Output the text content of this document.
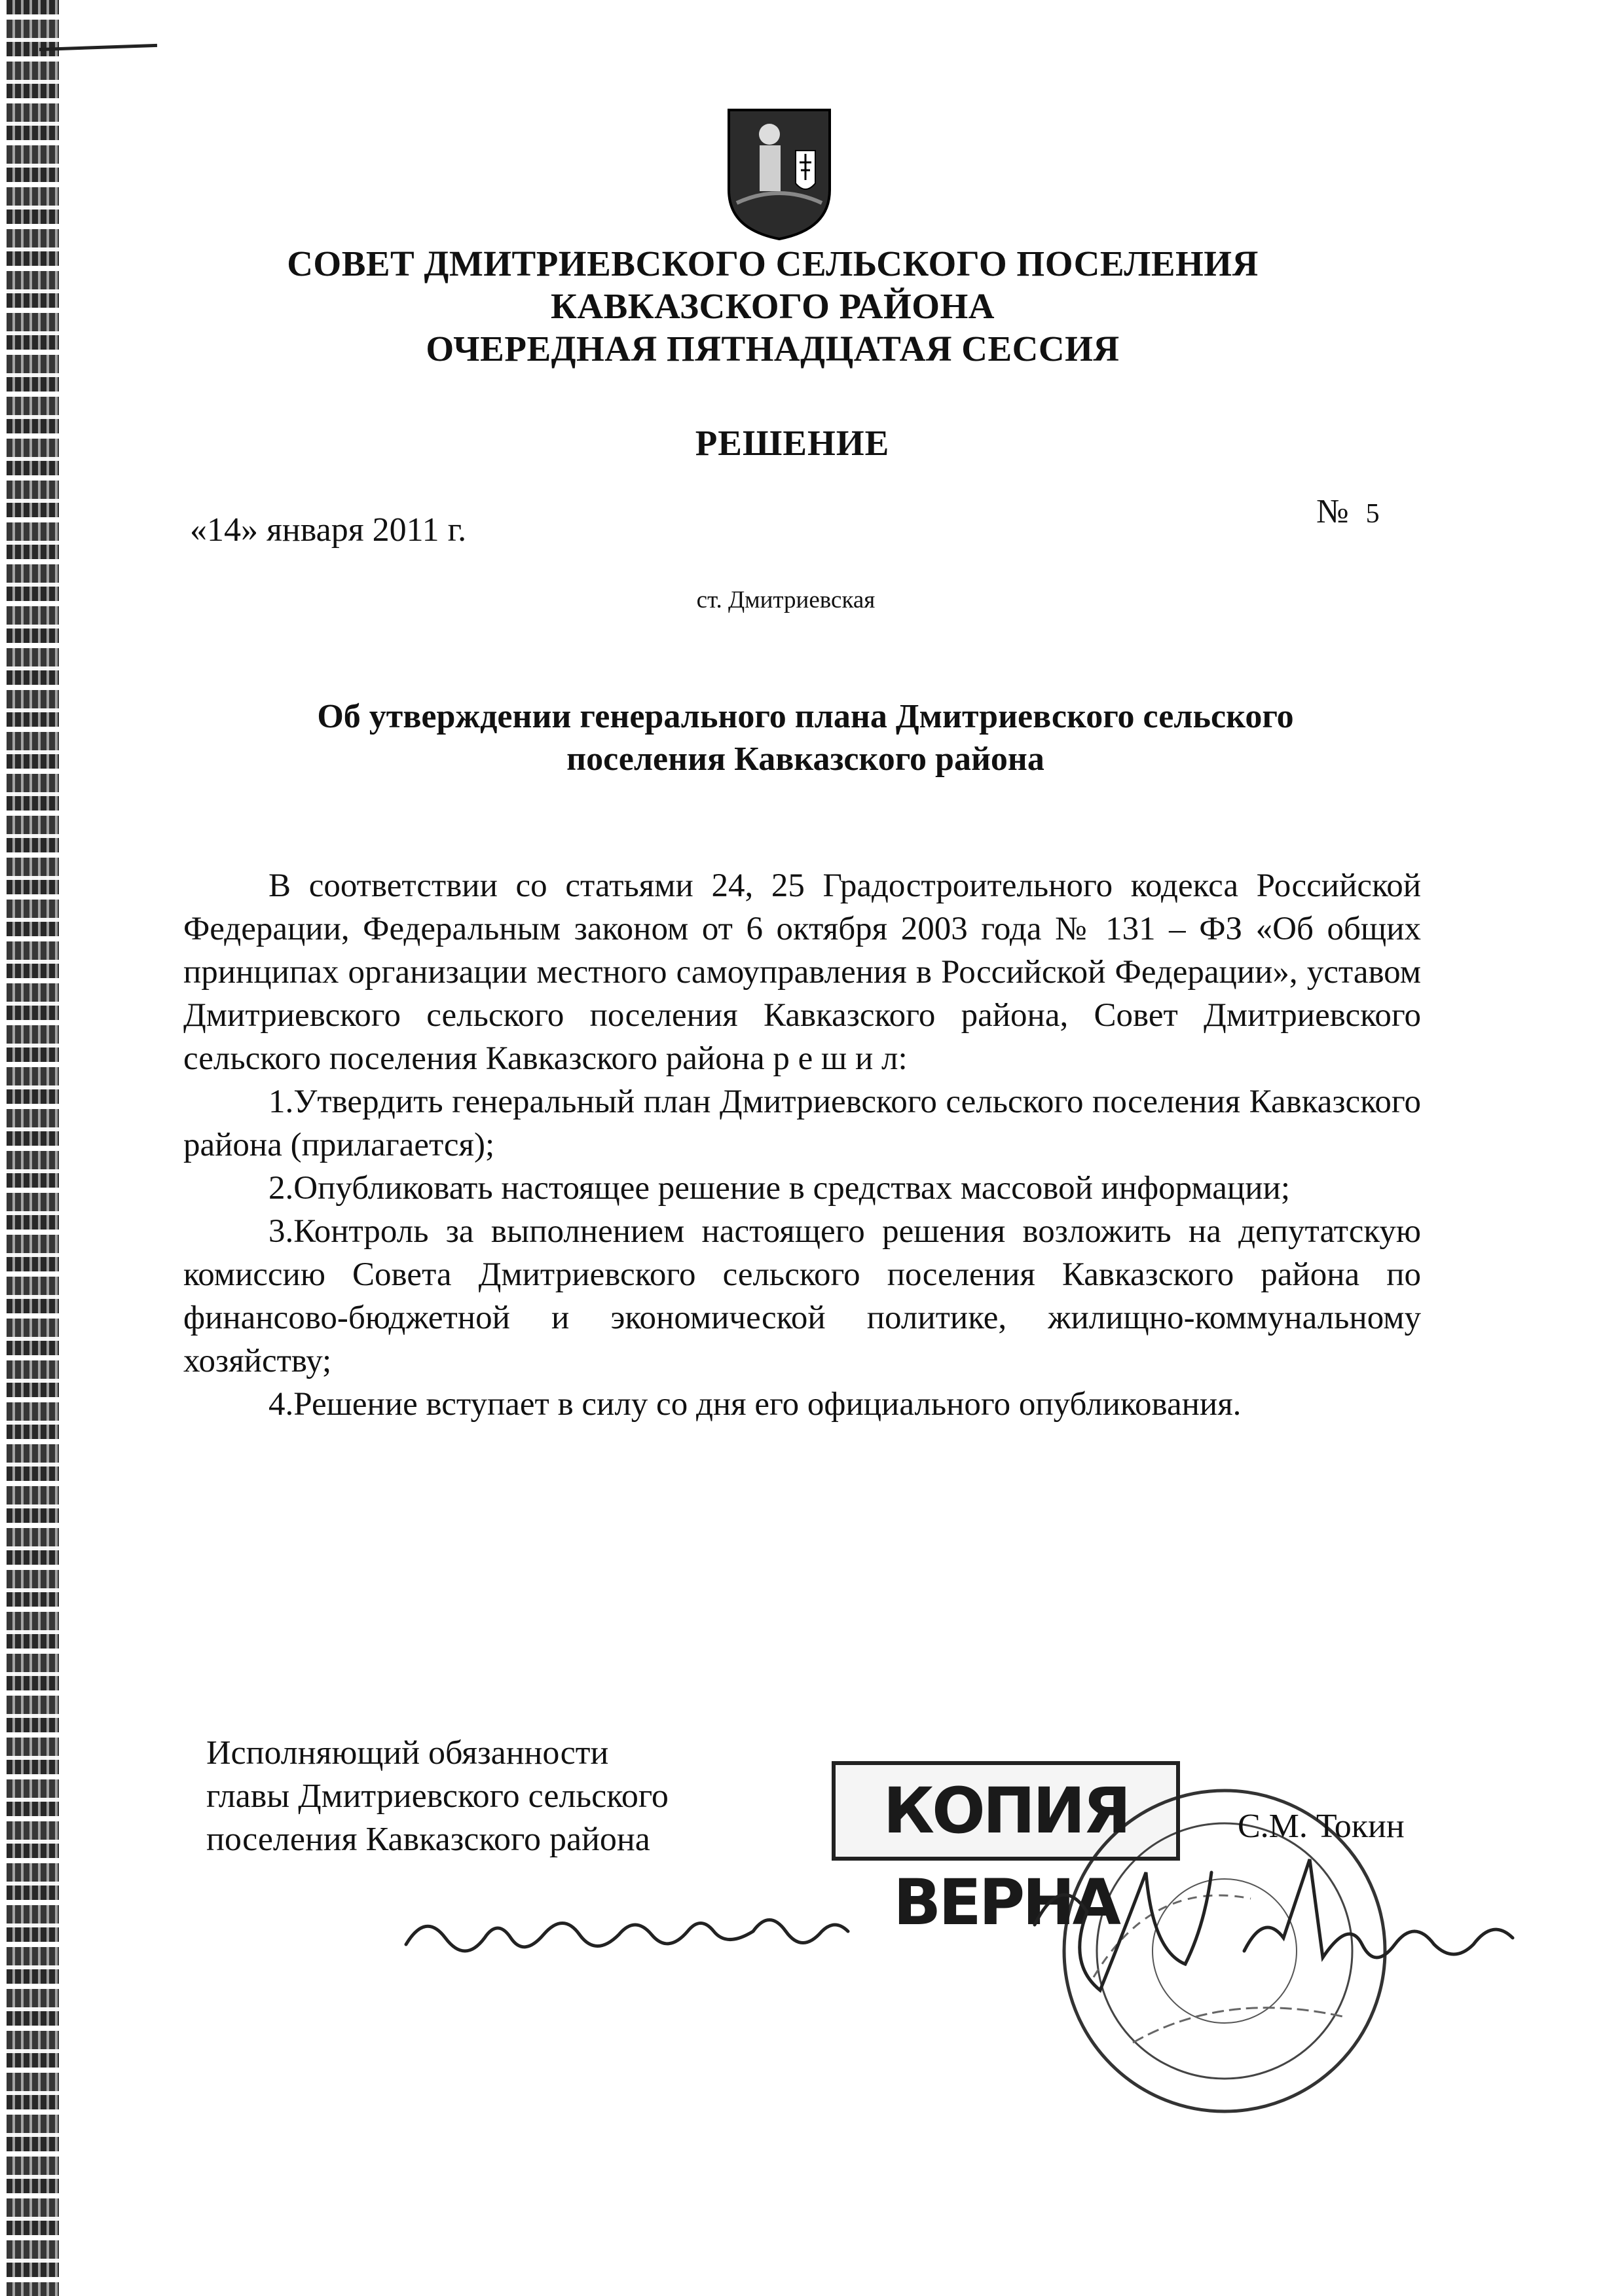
СОВЕТ ДМИТРИЕВСКОГО СЕЛЬСКОГО ПОСЕЛЕНИЯ
КАВКАЗСКОГО РАЙОНА
ОЧЕРЕДНАЯ ПЯТНАДЦАТАЯ СЕССИЯ
РЕШЕНИЕ
«14» января 2011 г.	№ 5
ст. Дмитриевская
Об утверждении генерального плана Дмитриевского сельского
поселения Кавказского района

В соответствии со статьями 24, 25 Градостроительного кодекса Российской Федерации, Федеральным законом от 6 октября 2003 года № 131 – ФЗ «Об общих принципах организации местного самоуправления в Российской Федерации», уставом Дмитриевского сельского поселения Кавказского района, Совет Дмитриевского сельского поселения Кавказского района р е ш и л:

1.Утвердить генеральный план Дмитриевского сельского поселения Кавказского района (прилагается);

2.Опубликовать настоящее решение в средствах массовой информации;

3.Контроль за выполнением настоящего решения возложить на депутатскую комиссию Совета Дмитриевского сельского поселения Кавказского района по финансово-бюджетной и экономической политике, жилищно-коммунальному хозяйству;

4.Решение вступает в силу со дня его официального опубликования.

Исполняющий обязанности
главы Дмитриевского сельского
поселения Кавказского района	КОПИЯ ВЕРНА
С.М. Токин
